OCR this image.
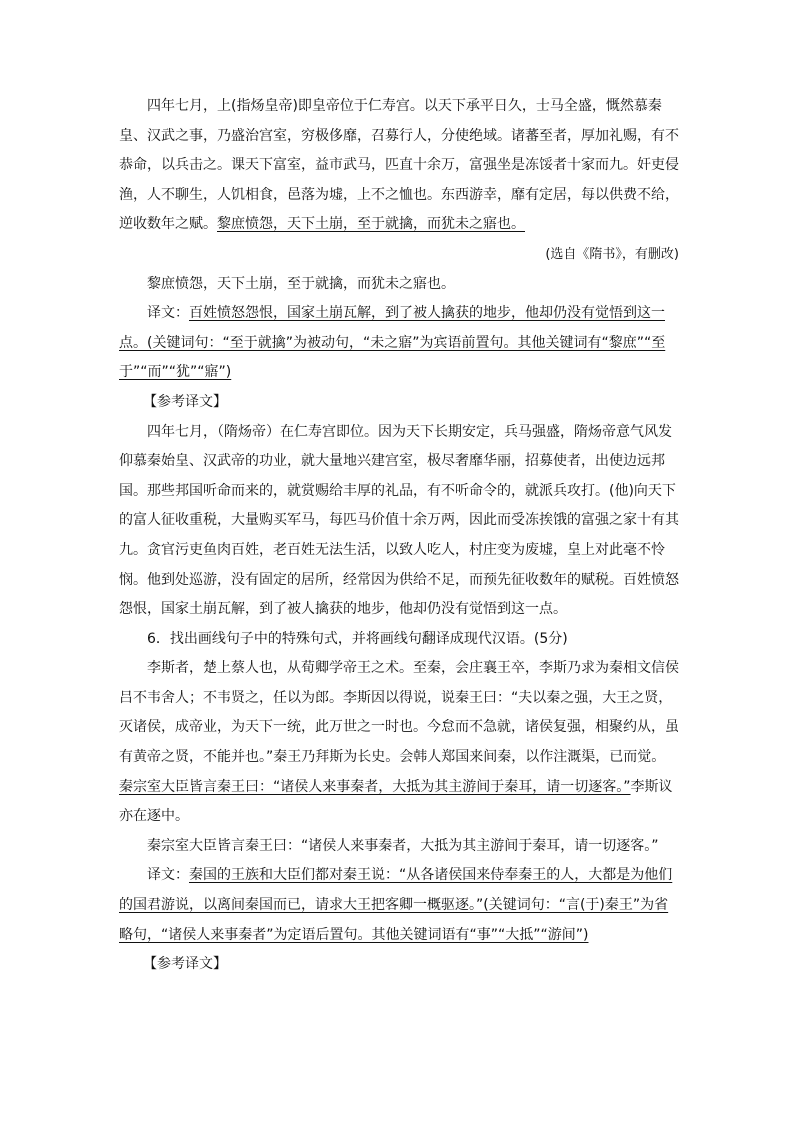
四年七月，上(指炀皇帝)即皇帝位于仁寿宫。以天下承平日久，士马全盛，慨然慕秦皇、汉武之事，乃盛治宫室，穷极侈靡，召募行人，分使绝域。诸蕃至者，厚加礼赐，有不恭命，以兵击之。课天下富室，益市武马，匹直十余万，富强坐是冻馁者十家而九。奸吏侵渔，人不聊生，人饥相食，邑落为墟，上不之恤也。东西游幸，靡有定居，每以供费不给，逆收数年之赋。黎庶愤怨，天下土崩，至于就擒，而犹未之寤也。

(选自《隋书》，有删改)

黎庶愤怨，天下土崩，至于就擒，而犹未之寤也。

译文：百姓愤怒怨恨，国家土崩瓦解，到了被人擒获的地步，他却仍没有觉悟到这一点。(关键词句：“至于就擒”为被动句，“未之寤”为宾语前置句。其他关键词有“黎庶”“至于”“而”“犹”“寤”)

【参考译文】

四年七月，（隋炀帝）在仁寿宫即位。因为天下长期安定，兵马强盛，隋炀帝意气风发仰慕秦始皇、汉武帝的功业，就大量地兴建宫室，极尽奢靡华丽，招募使者，出使边远邦国。那些邦国听命而来的，就赏赐给丰厚的礼品，有不听命令的，就派兵攻打。(他)向天下的富人征收重税，大量购买军马，每匹马价值十余万两，因此而受冻挨饿的富强之家十有其九。贪官污吏鱼肉百姓，老百姓无法生活，以致人吃人，村庄变为废墟，皇上对此毫不怜悯。他到处巡游，没有固定的居所，经常因为供给不足，而预先征收数年的赋税。百姓愤怒怨恨，国家土崩瓦解，到了被人擒获的地步，他却仍没有觉悟到这一点。

6．找出画线句子中的特殊句式，并将画线句翻译成现代汉语。(5分)

李斯者，楚上蔡人也，从荀卿学帝王之术。至秦，会庄襄王卒，李斯乃求为秦相文信侯吕不韦舍人；不韦贤之，任以为郎。李斯因以得说，说秦王曰：“夫以秦之强，大王之贤，灭诸侯，成帝业，为天下一统，此万世之一时也。今怠而不急就，诸侯复强，相聚约从，虽有黄帝之贤，不能并也。”秦王乃拜斯为长史。会韩人郑国来间秦，以作注溉渠，已而觉。秦宗室大臣皆言秦王曰：“诸侯人来事秦者，大抵为其主游间于秦耳，请一切逐客。”李斯议亦在逐中。

秦宗室大臣皆言秦王曰：“诸侯人来事秦者，大抵为其主游间于秦耳，请一切逐客。”

译文：秦国的王族和大臣们都对秦王说：“从各诸侯国来侍奉秦王的人，大都是为他们的国君游说，以离间秦国而已，请求大王把客卿一概驱逐。”(关键词句：“言(于)秦王”为省略句，“诸侯人来事秦者”为定语后置句。其他关键词语有“事”“大抵”“游间”)

【参考译文】
